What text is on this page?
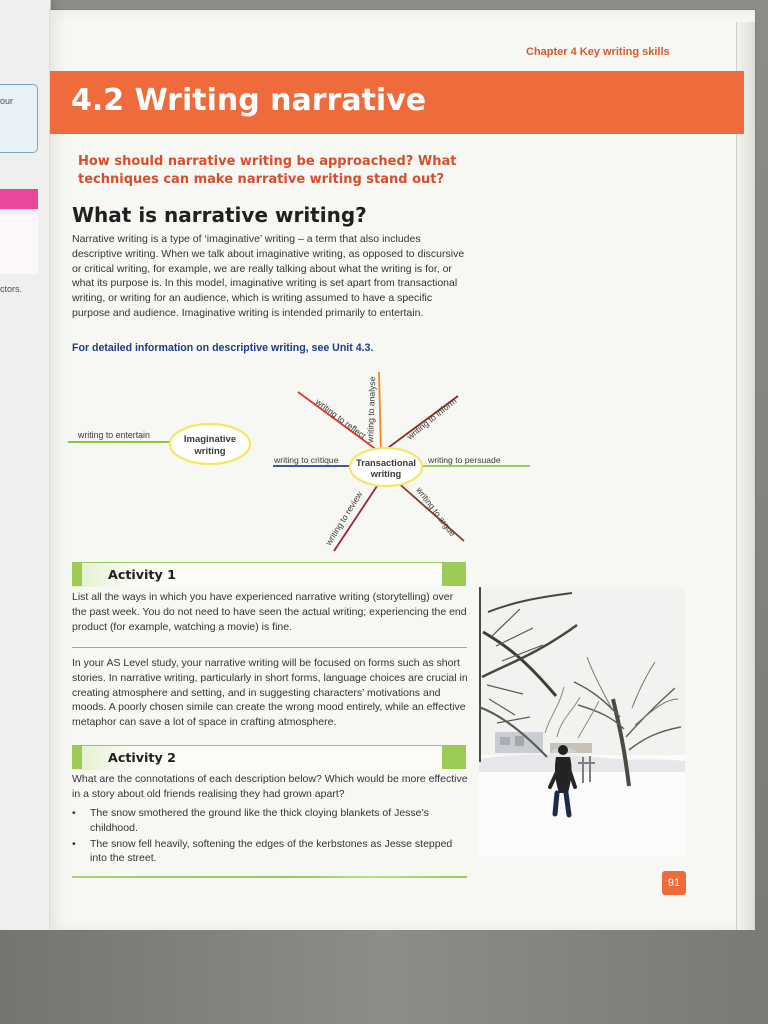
our
ctors.
Chapter 4 Key writing skills
4.2 Writing narrative
How should narrative writing be approached? What techniques can make narrative writing stand out?
What is narrative writing?
Narrative writing is a type of ‘imaginative’ writing – a term that also includes descriptive writing. When we talk about imaginative writing, as opposed to discursive or critical writing, for example, we are really talking about what the writing is for, or what its purpose is. In this model, imaginative writing is set apart from transactional writing, or writing for an audience, which is writing assumed to have a specific purpose and audience. Imaginative writing is intended primarily to entertain.
For detailed information on descriptive writing, see Unit 4.3.
writing to entertain	Imaginative
writing
writing to reflect
writing to analyse	writing to inform
writing to critique	writing to persuade
writing to review	writing to argue
Transactional
writing
Activity 1
List all the ways in which you have experienced narrative writing (storytelling) over the past week. You do not need to have seen the actual writing; experiencing the end product (for example, watching a movie) is fine.
In your AS Level study, your narrative writing will be focused on forms such as short stories. In narrative writing, particularly in short forms, language choices are crucial in creating atmosphere and setting, and in suggesting characters’ motivations and moods. A poorly chosen simile can create the wrong mood entirely, while an effective metaphor can save a lot of space in crafting atmosphere.
Activity 2
What are the connotations of each description below? Which would be more effective in a story about old friends realising they had grown apart?
• The snow smothered the ground like the thick cloying blankets of Jesse’s childhood.
• The snow fell heavily, softening the edges of the kerbstones as Jesse stepped into the street.
91
